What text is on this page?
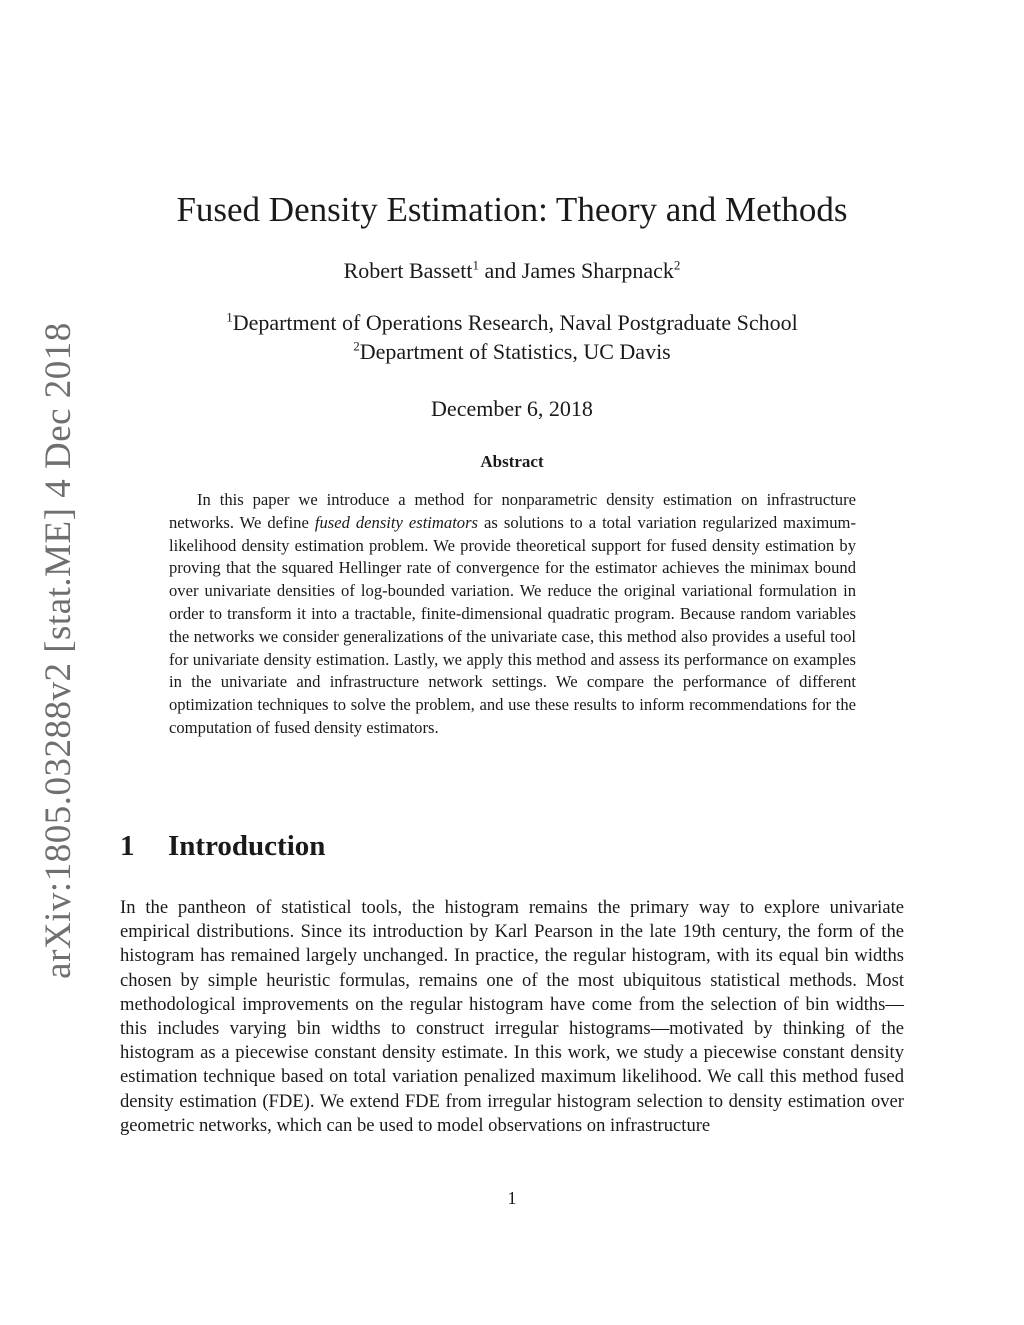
arXiv:1805.03288v2 [stat.ME] 4 Dec 2018
Fused Density Estimation: Theory and Methods
Robert Bassett$^1$ and James Sharpnack$^2$
$^1$Department of Operations Research, Naval Postgraduate School
$^2$Department of Statistics, UC Davis
December 6, 2018
Abstract

In this paper we introduce a method for nonparametric density estimation on infrastructure networks. We define fused density estimators as solutions to a total variation regularized maximum-likelihood density estimation problem. We provide theoretical support for fused density estimation by proving that the squared Hellinger rate of convergence for the estimator achieves the minimax bound over univariate densities of log-bounded variation. We reduce the original variational formulation in order to transform it into a tractable, finite-dimensional quadratic program. Because random variables the networks we consider generalizations of the univariate case, this method also provides a useful tool for univariate density estimation. Lastly, we apply this method and assess its performance on examples in the univariate and infrastructure network settings. We compare the performance of different optimization techniques to solve the problem, and use these results to inform recommendations for the computation of fused density estimators.

1 Introduction

In the pantheon of statistical tools, the histogram remains the primary way to explore univariate empirical distributions. Since its introduction by Karl Pearson in the late 19th century, the form of the histogram has remained largely unchanged. In practice, the regular histogram, with its equal bin widths chosen by simple heuristic formulas, remains one of the most ubiquitous statistical methods. Most methodological improvements on the regular histogram have come from the selection of bin widths—this includes varying bin widths to construct irregular histograms—motivated by thinking of the histogram as a piecewise constant density estimate. In this work, we study a piecewise constant density estimation technique based on total variation penalized maximum likelihood. We call this method fused density estimation (FDE). We extend FDE from irregular histogram selection to density estimation over geometric networks, which can be used to model observations on infrastructure

1
